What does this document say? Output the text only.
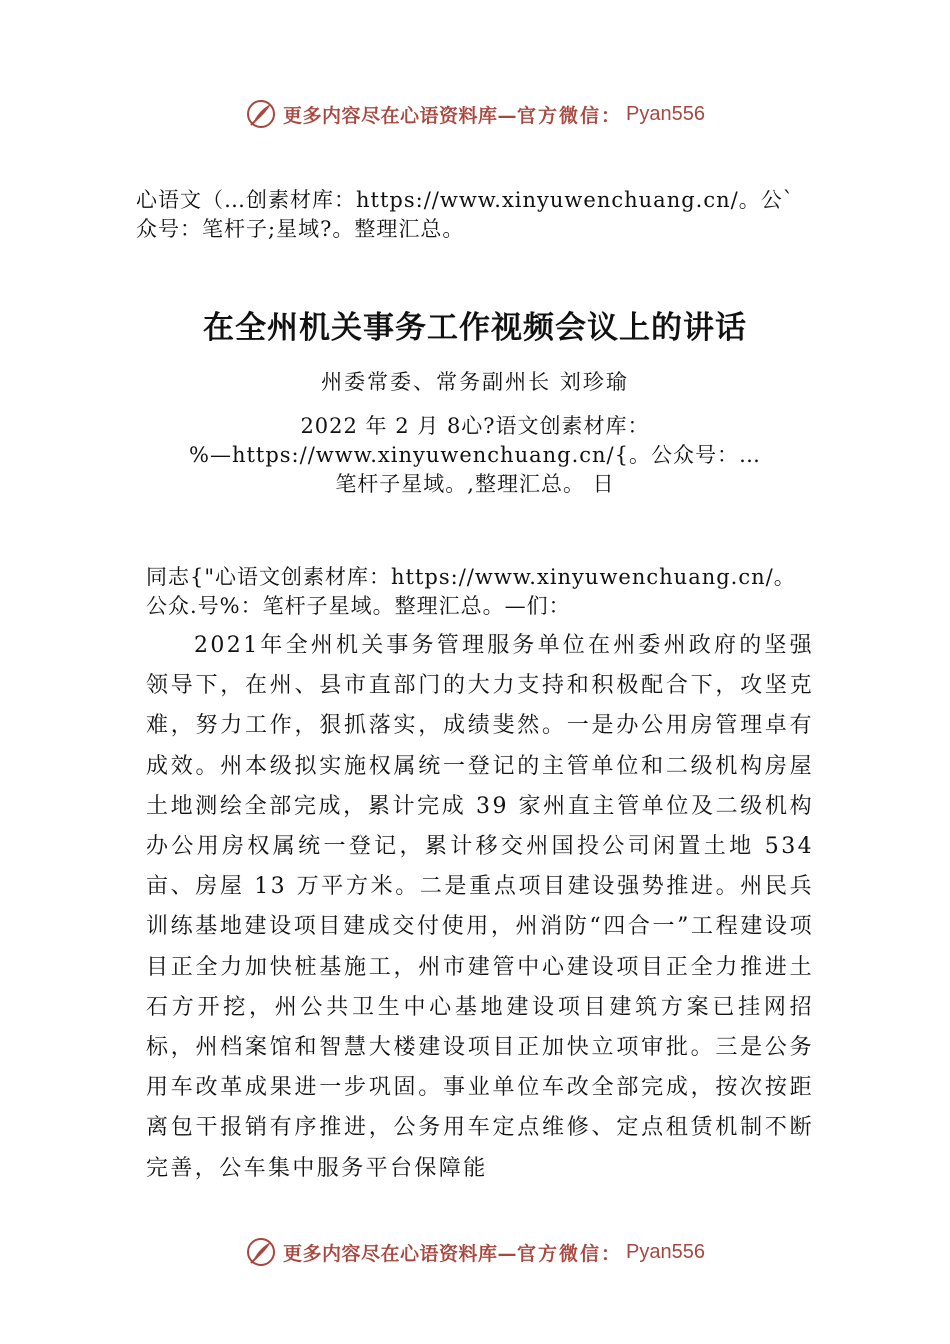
更多内容尽在心语资料库— 官方微信： Pyan556
心语文（…创素材库：https://www.xinyuwenchuang.cn/。公`
众号：笔杆子;星域?。整理汇总。
在全州机关事务工作视频会议上的讲话
州委常委、常务副州长 刘珍瑜
2022 年 2 月 8心?语文创素材库：
%—https://www.xinyuwenchuang.cn/{。公众号：…
笔杆子星域。,整理汇总。 日
同志{"心语文创素材库：https://www.xinyuwenchuang.cn/。
公众.号%：笔杆子星域。整理汇总。—们：
2021年全州机关事务管理服务单位在州委州政府的坚强领导下，在州、县市直部门的大力支持和积极配合下，攻坚克难，努力工作，狠抓落实，成绩斐然。一是办公用房管理卓有成效。州本级拟实施权属统一登记的主管单位和二级机构房屋土地测绘全部完成，累计完成 39 家州直主管单位及二级机构办公用房权属统一登记，累计移交州国投公司闲置土地 534 亩、房屋 13 万平方米。二是重点项目建设强势推进。州民兵训练基地建设项目建成交付使用，州消防“四合一”工程建设项目正全力加快桩基施工，州市建管中心建设项目正全力推进土石方开挖，州公共卫生中心基地建设项目建筑方案已挂网招标，州档案馆和智慧大楼建设项目正加快立项审批。三是公务用车改革成果进一步巩固。事业单位车改全部完成，按次按距离包干报销有序推进，公务用车定点维修、定点租赁机制不断完善，公车集中服务平台保障能
更多内容尽在心语资料库— 官方微信： Pyan556
